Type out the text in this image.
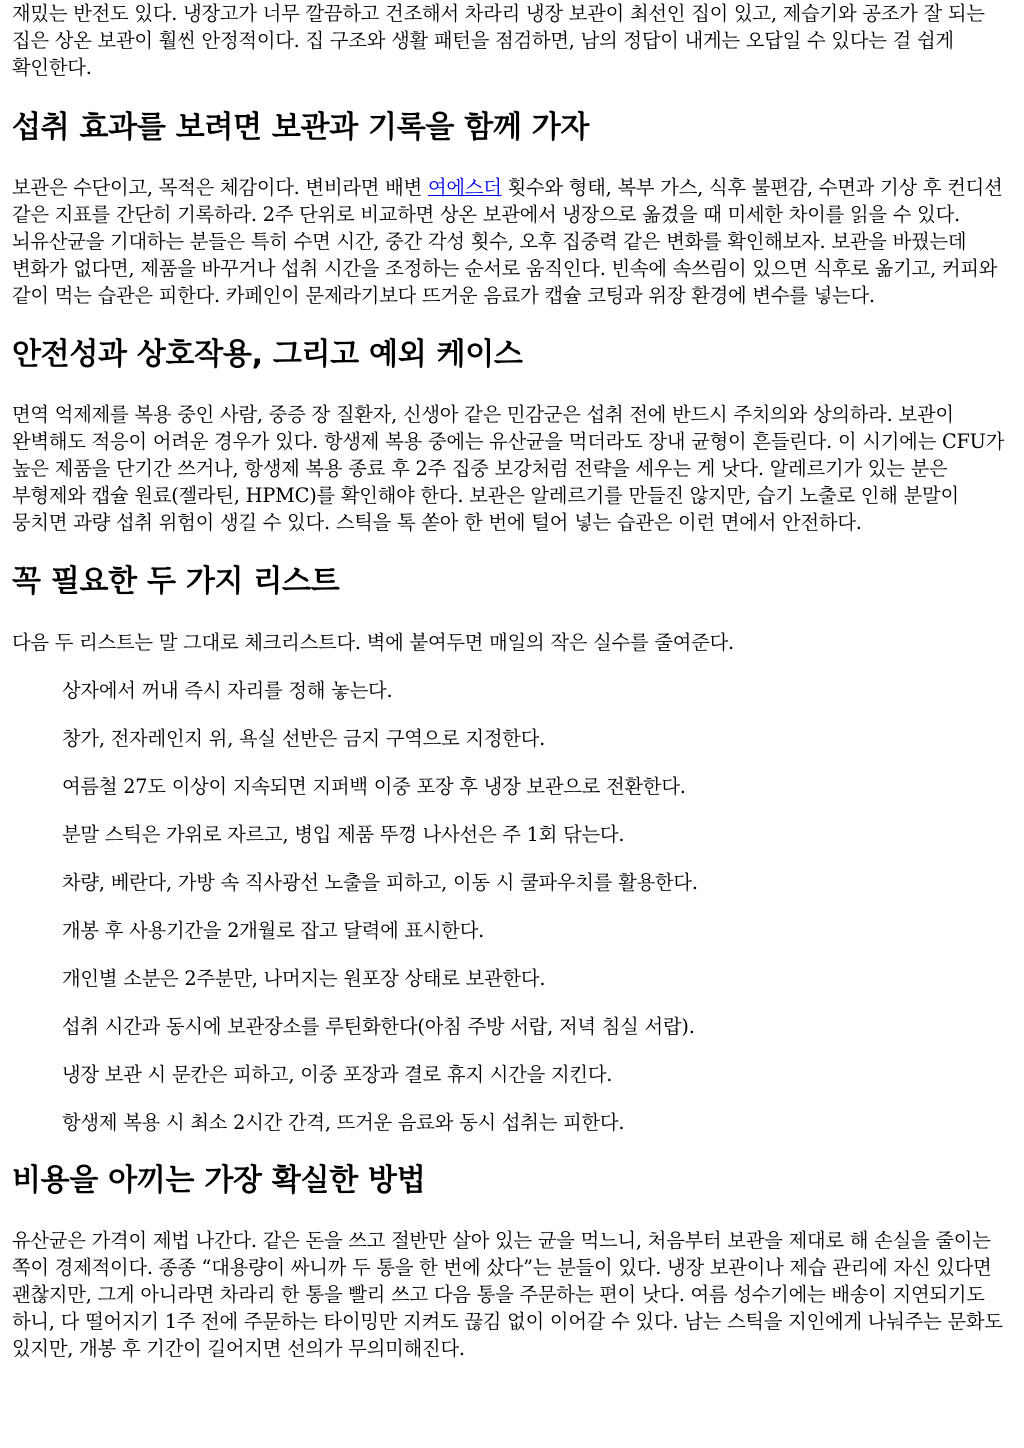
재밌는 반전도 있다. 냉장고가 너무 깔끔하고 건조해서 차라리 냉장 보관이 최선인 집이 있고, 제습기와 공조가 잘 되는 집은 상온 보관이 훨씬 안정적이다. 집 구조와 생활 패턴을 점검하면, 남의 정답이 내게는 오답일 수 있다는 걸 쉽게 확인한다.

섭취 효과를 보려면 보관과 기록을 함께 가자

보관은 수단이고, 목적은 체감이다. 변비라면 배변 여에스더 횟수와 형태, 복부 가스, 식후 불편감, 수면과 기상 후 컨디션 같은 지표를 간단히 기록하라. 2주 단위로 비교하면 상온 보관에서 냉장으로 옮겼을 때 미세한 차이를 읽을 수 있다. 뇌유산균을 기대하는 분들은 특히 수면 시간, 중간 각성 횟수, 오후 집중력 같은 변화를 확인해보자. 보관을 바꿨는데 변화가 없다면, 제품을 바꾸거나 섭취 시간을 조정하는 순서로 움직인다. 빈속에 속쓰림이 있으면 식후로 옮기고, 커피와 같이 먹는 습관은 피한다. 카페인이 문제라기보다 뜨거운 음료가 캡슐 코팅과 위장 환경에 변수를 넣는다.

안전성과 상호작용, 그리고 예외 케이스

면역 억제제를 복용 중인 사람, 중증 장 질환자, 신생아 같은 민감군은 섭취 전에 반드시 주치의와 상의하라. 보관이 완벽해도 적응이 어려운 경우가 있다. 항생제 복용 중에는 유산균을 먹더라도 장내 균형이 흔들린다. 이 시기에는 CFU가 높은 제품을 단기간 쓰거나, 항생제 복용 종료 후 2주 집중 보강처럼 전략을 세우는 게 낫다. 알레르기가 있는 분은 부형제와 캡슐 원료(젤라틴, HPMC)를 확인해야 한다. 보관은 알레르기를 만들진 않지만, 습기 노출로 인해 분말이 뭉치면 과량 섭취 위험이 생길 수 있다. 스틱을 톡 쏟아 한 번에 털어 넣는 습관은 이런 면에서 안전하다.

꼭 필요한 두 가지 리스트

다음 두 리스트는 말 그대로 체크리스트다. 벽에 붙여두면 매일의 작은 실수를 줄여준다.

상자에서 꺼내 즉시 자리를 정해 놓는다.
창가, 전자레인지 위, 욕실 선반은 금지 구역으로 지정한다.
여름철 27도 이상이 지속되면 지퍼백 이중 포장 후 냉장 보관으로 전환한다.
분말 스틱은 가위로 자르고, 병입 제품 뚜껑 나사선은 주 1회 닦는다.
차량, 베란다, 가방 속 직사광선 노출을 피하고, 이동 시 쿨파우치를 활용한다.
개봉 후 사용기간을 2개월로 잡고 달력에 표시한다.
개인별 소분은 2주분만, 나머지는 원포장 상태로 보관한다.
섭취 시간과 동시에 보관장소를 루틴화한다(아침 주방 서랍, 저녁 침실 서랍).
냉장 보관 시 문칸은 피하고, 이중 포장과 결로 휴지 시간을 지킨다.
항생제 복용 시 최소 2시간 간격, 뜨거운 음료와 동시 섭취는 피한다.
비용을 아끼는 가장 확실한 방법

유산균은 가격이 제법 나간다. 같은 돈을 쓰고 절반만 살아 있는 균을 먹느니, 처음부터 보관을 제대로 해 손실을 줄이는 쪽이 경제적이다. 종종 “대용량이 싸니까 두 통을 한 번에 샀다”는 분들이 있다. 냉장 보관이나 제습 관리에 자신 있다면 괜찮지만, 그게 아니라면 차라리 한 통을 빨리 쓰고 다음 통을 주문하는 편이 낫다. 여름 성수기에는 배송이 지연되기도 하니, 다 떨어지기 1주 전에 주문하는 타이밍만 지켜도 끊김 없이 이어갈 수 있다. 남는 스틱을 지인에게 나눠주는 문화도 있지만, 개봉 후 기간이 길어지면 선의가 무의미해진다.
